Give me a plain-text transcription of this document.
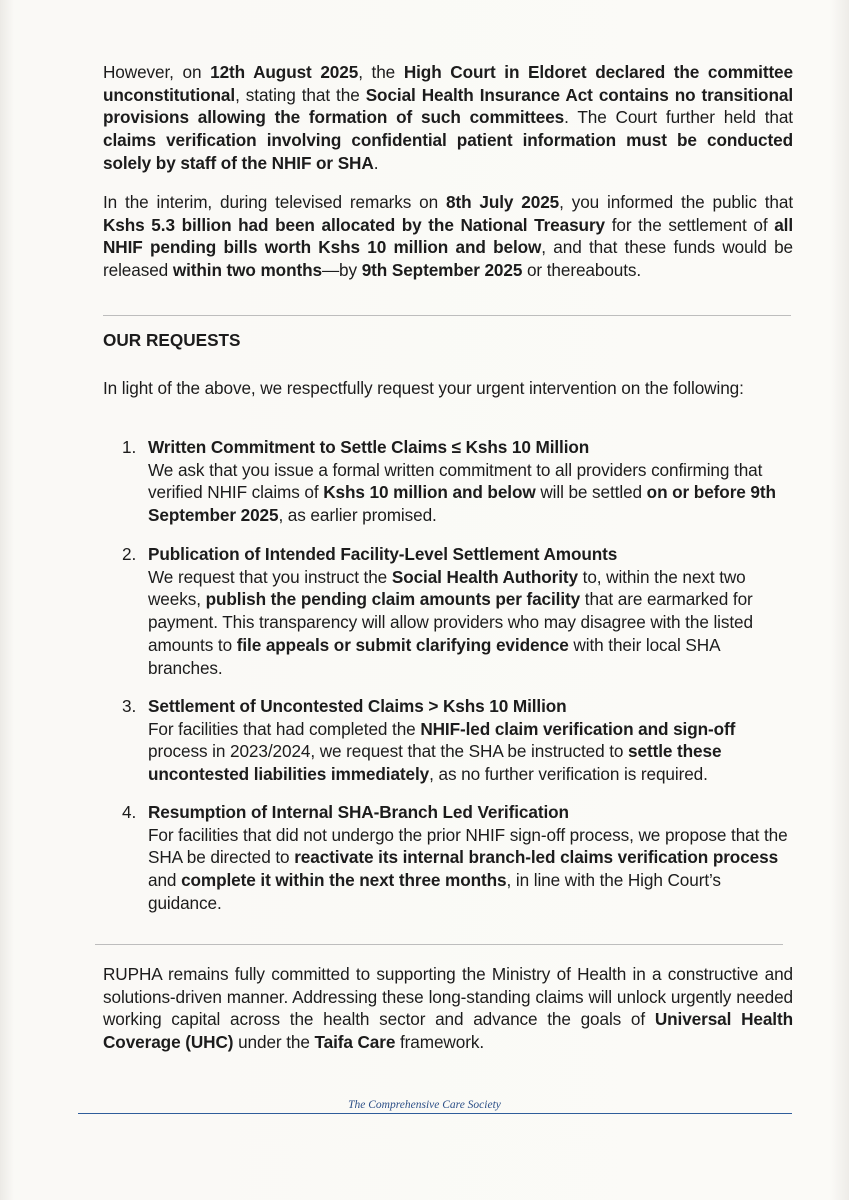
However, on 12th August 2025, the High Court in Eldoret declared the committee unconstitutional, stating that the Social Health Insurance Act contains no transitional provisions allowing the formation of such committees. The Court further held that claims verification involving confidential patient information must be conducted solely by staff of the NHIF or SHA.

In the interim, during televised remarks on 8th July 2025, you informed the public that Kshs 5.3 billion had been allocated by the National Treasury for the settlement of all NHIF pending bills worth Kshs 10 million and below, and that these funds would be released within two months—by 9th September 2025 or thereabouts.

OUR REQUESTS

In light of the above, we respectfully request your urgent intervention on the following:

1. Written Commitment to Settle Claims ≤ Kshs 10 Million
We ask that you issue a formal written commitment to all providers confirming that verified NHIF claims of Kshs 10 million and below will be settled on or before 9th September 2025, as earlier promised.
2. Publication of Intended Facility-Level Settlement Amounts
We request that you instruct the Social Health Authority to, within the next two weeks, publish the pending claim amounts per facility that are earmarked for payment. This transparency will allow providers who may disagree with the listed amounts to file appeals or submit clarifying evidence with their local SHA branches.
3. Settlement of Uncontested Claims > Kshs 10 Million
For facilities that had completed the NHIF-led claim verification and sign-off process in 2023/2024, we request that the SHA be instructed to settle these uncontested liabilities immediately, as no further verification is required.
4. Resumption of Internal SHA-Branch Led Verification
For facilities that did not undergo the prior NHIF sign-off process, we propose that the SHA be directed to reactivate its internal branch-led claims verification process and complete it within the next three months, in line with the High Court’s guidance.

RUPHA remains fully committed to supporting the Ministry of Health in a constructive and solutions-driven manner. Addressing these long-standing claims will unlock urgently needed working capital across the health sector and advance the goals of Universal Health Coverage (UHC) under the Taifa Care framework.

The Comprehensive Care Society
